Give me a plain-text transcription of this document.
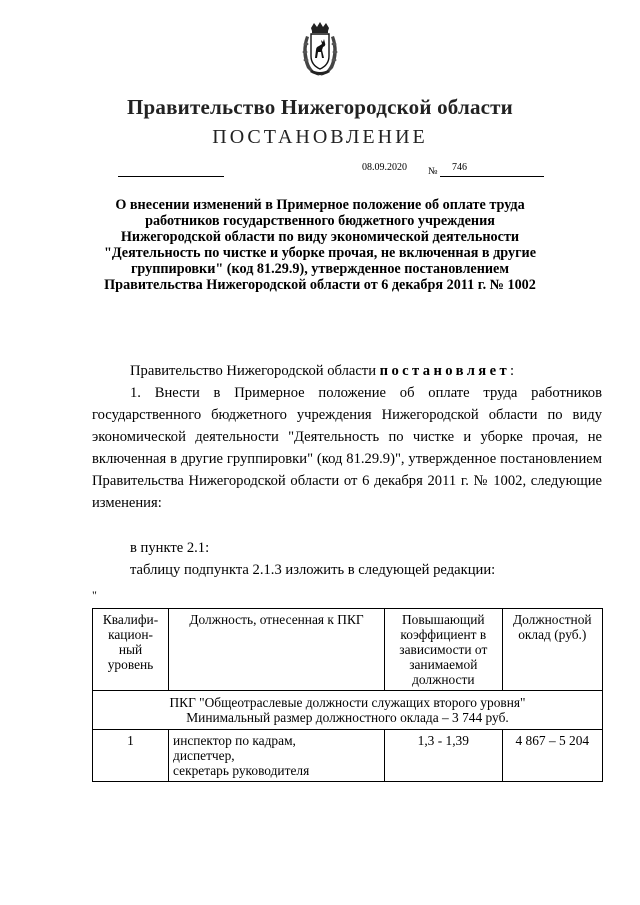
Правительство Нижегородской области
ПОСТАНОВЛЕНИЕ
08.09.2020 № 746
О внесении изменений в Примерное положение об оплате труда работников государственного бюджетного учреждения Нижегородской области по виду экономической деятельности "Деятельность по чистке и уборке прочая, не включенная в другие группировки" (код 81.29.9), утвержденное постановлением Правительства Нижегородской области от 6 декабря 2011 г. № 1002
Правительство Нижегородской области постановляет:
1. Внести в Примерное положение об оплате труда работников государственного бюджетного учреждения Нижегородской области по виду экономической деятельности "Деятельность по чистке и уборке прочая, не включенная в другие группировки" (код 81.29.9)", утвержденное постановлением Правительства Нижегородской области от 6 декабря 2011 г. № 1002, следующие изменения:
в пункте 2.1:
таблицу подпункта 2.1.3 изложить в следующей редакции:
"
Квалифи-кацион-ный уровень	Должность, отнесенная к ПКГ	Повышающий коэффициент в зависимости от занимаемой должности	Должностной оклад (руб.)

ПКГ "Общеотраслевые должности служащих второго уровня"
Минимальный размер должностного оклада – 3 744 руб.			

1	инспектор по кадрам,
диспетчер,
секретарь руководителя	1,3 - 1,39	4 867 – 5 204
